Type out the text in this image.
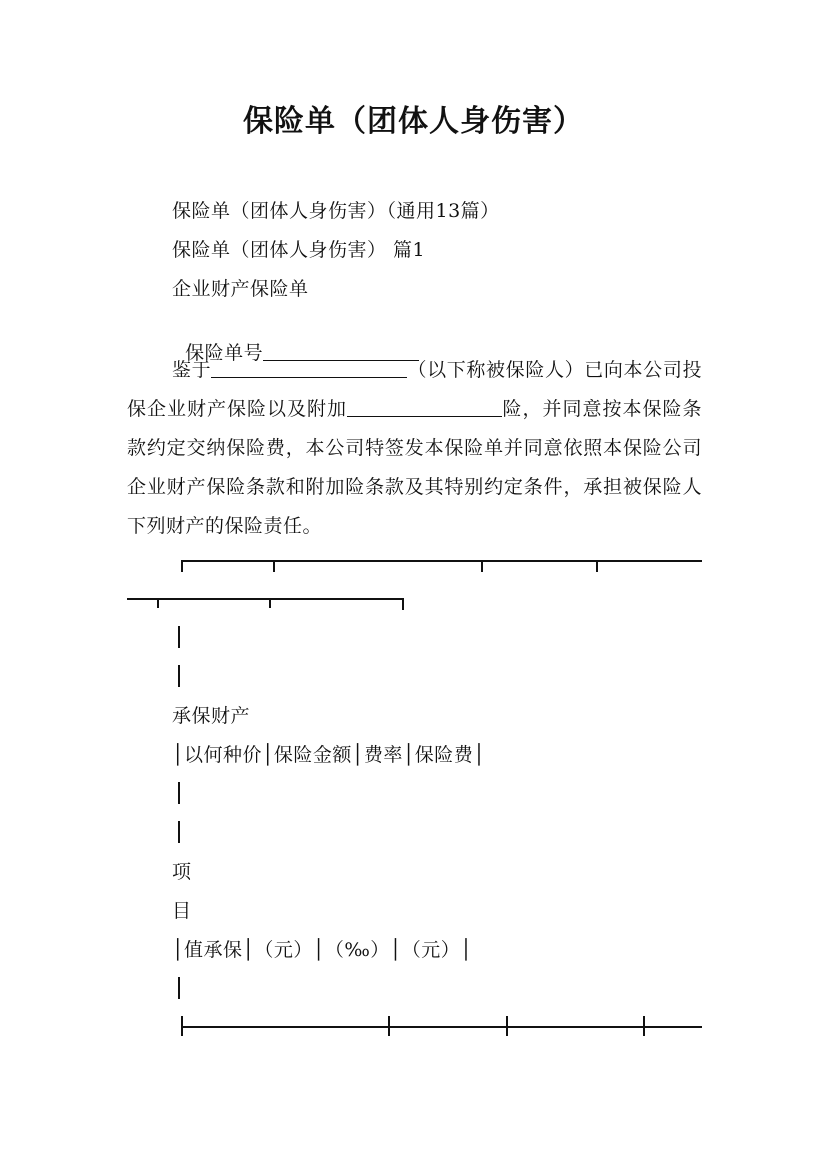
保险单（团体人身伤害）
保险单（团体人身伤害）（通用13篇）
保险单（团体人身伤害） 篇1
企业财产保险单

保险单号

鉴于	（以下称被保险人）已向本公司投保企业财产保险以及附加	险，并同意按本保险条款约定交纳保险费，本公司特签发本保险单并同意依照本保险公司企业财产保险条款和附加险条款及其特别约定条件，承担被保险人下列财产的保险责任。
承保财产
│以何种价│保险金额│费率│保险费│
项
目
│值承保│（元）│（‰）│（元）│
